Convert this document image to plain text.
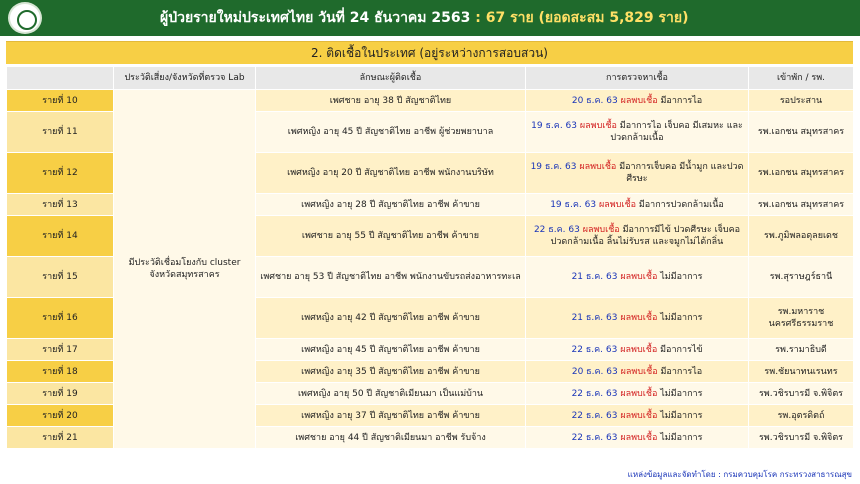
ผู้ป่วยรายใหม่ประเทศไทย วันที่ 24 ธันวาคม 2563 : 67 ราย (ยอดสะสม 5,829 ราย)
2. ติดเชื้อในประเทศ (อยู่ระหว่างการสอบสวน)
	ประวัติเสี่ยง/จังหวัดที่ตรวจ Lab	ลักษณะผู้ติดเชื้อ	การตรวจหาเชื้อ	เข้าพัก / รพ.
รายที่ 10	มีประวัติเชื่อมโยงกับ cluster จังหวัดสมุทรสาคร	เพศชาย อายุ 38 ปี สัญชาติไทย	20 ธ.ค. 63 ผลพบเชื้อ มีอาการไอ	รอประสาน
รายที่ 11		เพศหญิง อายุ 45 ปี สัญชาติไทย อาชีพ ผู้ช่วยพยาบาล	19 ธ.ค. 63 ผลพบเชื้อ มีอาการไอ เจ็บคอ มีเสมหะ และปวดกล้ามเนื้อ	รพ.เอกชน สมุทรสาคร
รายที่ 12		เพศหญิง อายุ 20 ปี สัญชาติไทย อาชีพ พนักงานบริษัท	19 ธ.ค. 63 ผลพบเชื้อ มีอาการเจ็บคอ มีน้ำมูก และปวดศีรษะ	รพ.เอกชน สมุทรสาคร
รายที่ 13		เพศหญิง อายุ 28 ปี สัญชาติไทย อาชีพ ค้าขาย	19 ธ.ค. 63 ผลพบเชื้อ มีอาการปวดกล้ามเนื้อ	รพ.เอกชน สมุทรสาคร
รายที่ 14		เพศชาย อายุ 55 ปี สัญชาติไทย อาชีพ ค้าขาย	22 ธ.ค. 63 ผลพบเชื้อ มีอาการมีไข้ ปวดศีรษะ เจ็บคอ ปวดกล้ามเนื้อ ลิ้นไม่รับรส และจมูกไม่ได้กลิ่น	รพ.ภูมิพลอดุลยเดช
รายที่ 15		เพศชาย อายุ 53 ปี สัญชาติไทย อาชีพ พนักงานขับรถส่งอาหารทะเล	21 ธ.ค. 63 ผลพบเชื้อ ไม่มีอาการ	รพ.สุราษฎร์ธานี
รายที่ 16		เพศหญิง อายุ 42 ปี สัญชาติไทย อาชีพ ค้าขาย	21 ธ.ค. 63 ผลพบเชื้อ ไม่มีอาการ	รพ.มหาราช นครศรีธรรมราช
รายที่ 17		เพศหญิง อายุ 45 ปี สัญชาติไทย อาชีพ ค้าขาย	22 ธ.ค. 63 ผลพบเชื้อ มีอาการไข้	รพ.รามาธิบดี
รายที่ 18		เพศหญิง อายุ 35 ปี สัญชาติไทย อาชีพ ค้าขาย	20 ธ.ค. 63 ผลพบเชื้อ มีอาการไอ	รพ.ชัยนาทนเรนทร
รายที่ 19		เพศหญิง อายุ 50 ปี สัญชาติเมียนมา เป็นแม่บ้าน	22 ธ.ค. 63 ผลพบเชื้อ ไม่มีอาการ	รพ.วชิรบารมี จ.พิจิตร
รายที่ 20		เพศหญิง อายุ 37 ปี สัญชาติไทย อาชีพ ค้าขาย	22 ธ.ค. 63 ผลพบเชื้อ ไม่มีอาการ	รพ.อุตรดิตถ์
รายที่ 21		เพศชาย อายุ 44 ปี สัญชาติเมียนมา อาชีพ รับจ้าง	22 ธ.ค. 63 ผลพบเชื้อ ไม่มีอาการ	รพ.วชิรบารมี จ.พิจิตร
แหล่งข้อมูลและจัดทำโดย : กรมควบคุมโรค กระทรวงสาธารณสุข
